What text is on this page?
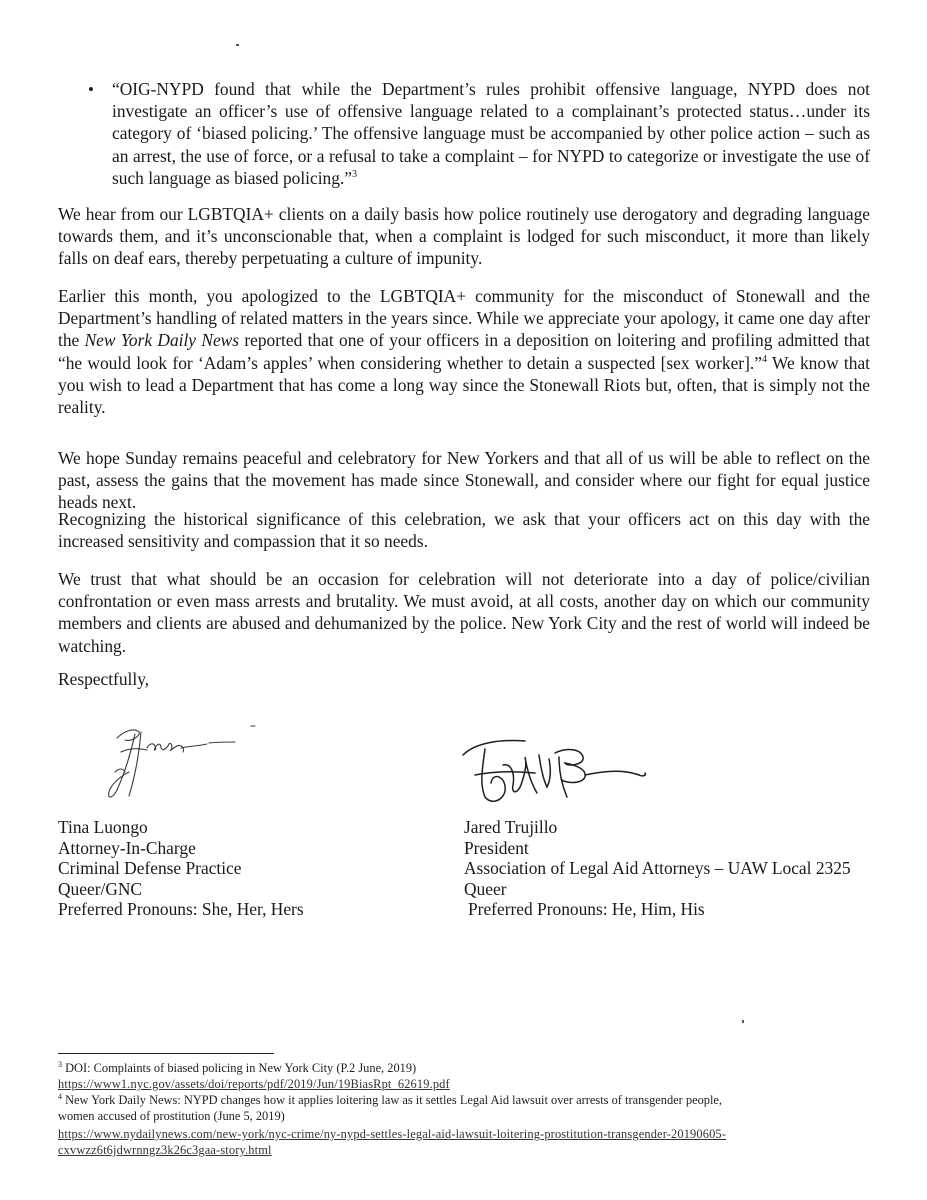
• “OIG-NYPD found that while the Department’s rules prohibit offensive language, NYPD does not investigate an officer’s use of offensive language related to a complainant’s protected status…under its category of ‘biased policing.’ The offensive language must be accompanied by other police action – such as an arrest, the use of force, or a refusal to take a complaint – for NYPD to categorize or investigate the use of such language as biased policing.”$^3$

We hear from our LGBTQIA+ clients on a daily basis how police routinely use derogatory and degrading language towards them, and it’s unconscionable that, when a complaint is lodged for such misconduct, it more than likely falls on deaf ears, thereby perpetuating a culture of impunity.

Earlier this month, you apologized to the LGBTQIA+ community for the misconduct of Stonewall and the Department’s handling of related matters in the years since. While we appreciate your apology, it came one day after the New York Daily News reported that one of your officers in a deposition on loitering and profiling admitted that “he would look for ‘Adam’s apples’ when considering whether to detain a suspected [sex worker].”$^4$ We know that you wish to lead a Department that has come a long way since the Stonewall Riots but, often, that is simply not the reality.

We hope Sunday remains peaceful and celebratory for New Yorkers and that all of us will be able to reflect on the past, assess the gains that the movement has made since Stonewall, and consider where our fight for equal justice heads next.

Recognizing the historical significance of this celebration, we ask that your officers act on this day with the increased sensitivity and compassion that it so needs.

We trust that what should be an occasion for celebration will not deteriorate into a day of police/civilian confrontation or even mass arrests and brutality. We must avoid, at all costs, another day on which our community members and clients are abused and dehumanized by the police. New York City and the rest of world will indeed be watching.

Respectfully,

Tina Luongo
Attorney-In-Charge
Criminal Defense Practice
Queer/GNC
Preferred Pronouns: She, Her, Hers
Jared Trujillo
President
Association of Legal Aid Attorneys – UAW Local 2325
Queer
Preferred Pronouns: He, Him, His
$^3$ DOI: Complaints of biased policing in New York City (P.2 June, 2019)
https://www1.nyc.gov/assets/doi/reports/pdf/2019/Jun/19BiasRpt_62619.pdf
$^4$ New York Daily News: NYPD changes how it applies loitering law as it settles Legal Aid lawsuit over arrests of transgender people,
women accused of prostitution (June 5, 2019)
https://www.nydailynews.com/new-york/nyc-crime/ny-nypd-settles-legal-aid-lawsuit-loitering-prostitution-transgender-20190605-
cxvwzz6t6jdwrnngz3k26c3gaa-story.html
